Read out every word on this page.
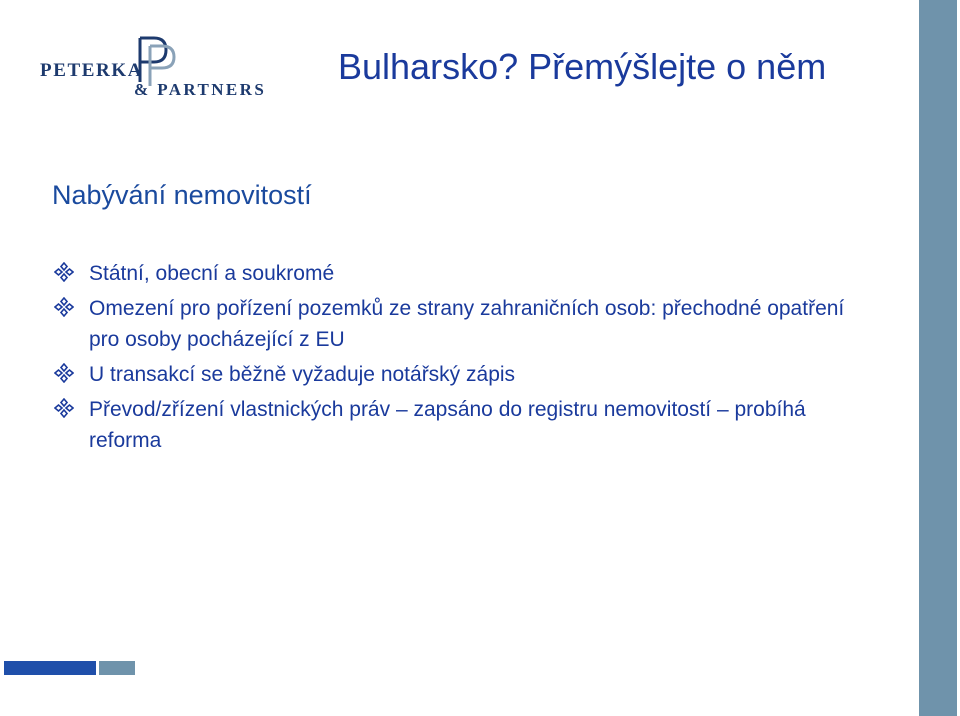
PETERKA
& PARTNERS
Bulharsko? Přemýšlejte o něm
Nabývání nemovitostí
Státní, obecní a soukromé
Omezení pro pořízení pozemků ze strany zahraničních osob: přechodné opatření pro osoby pocházející z EU
U transakcí se běžně vyžaduje notářský zápis
Převod/zřízení vlastnických práv – zapsáno do registru nemovitostí – probíhá reforma
